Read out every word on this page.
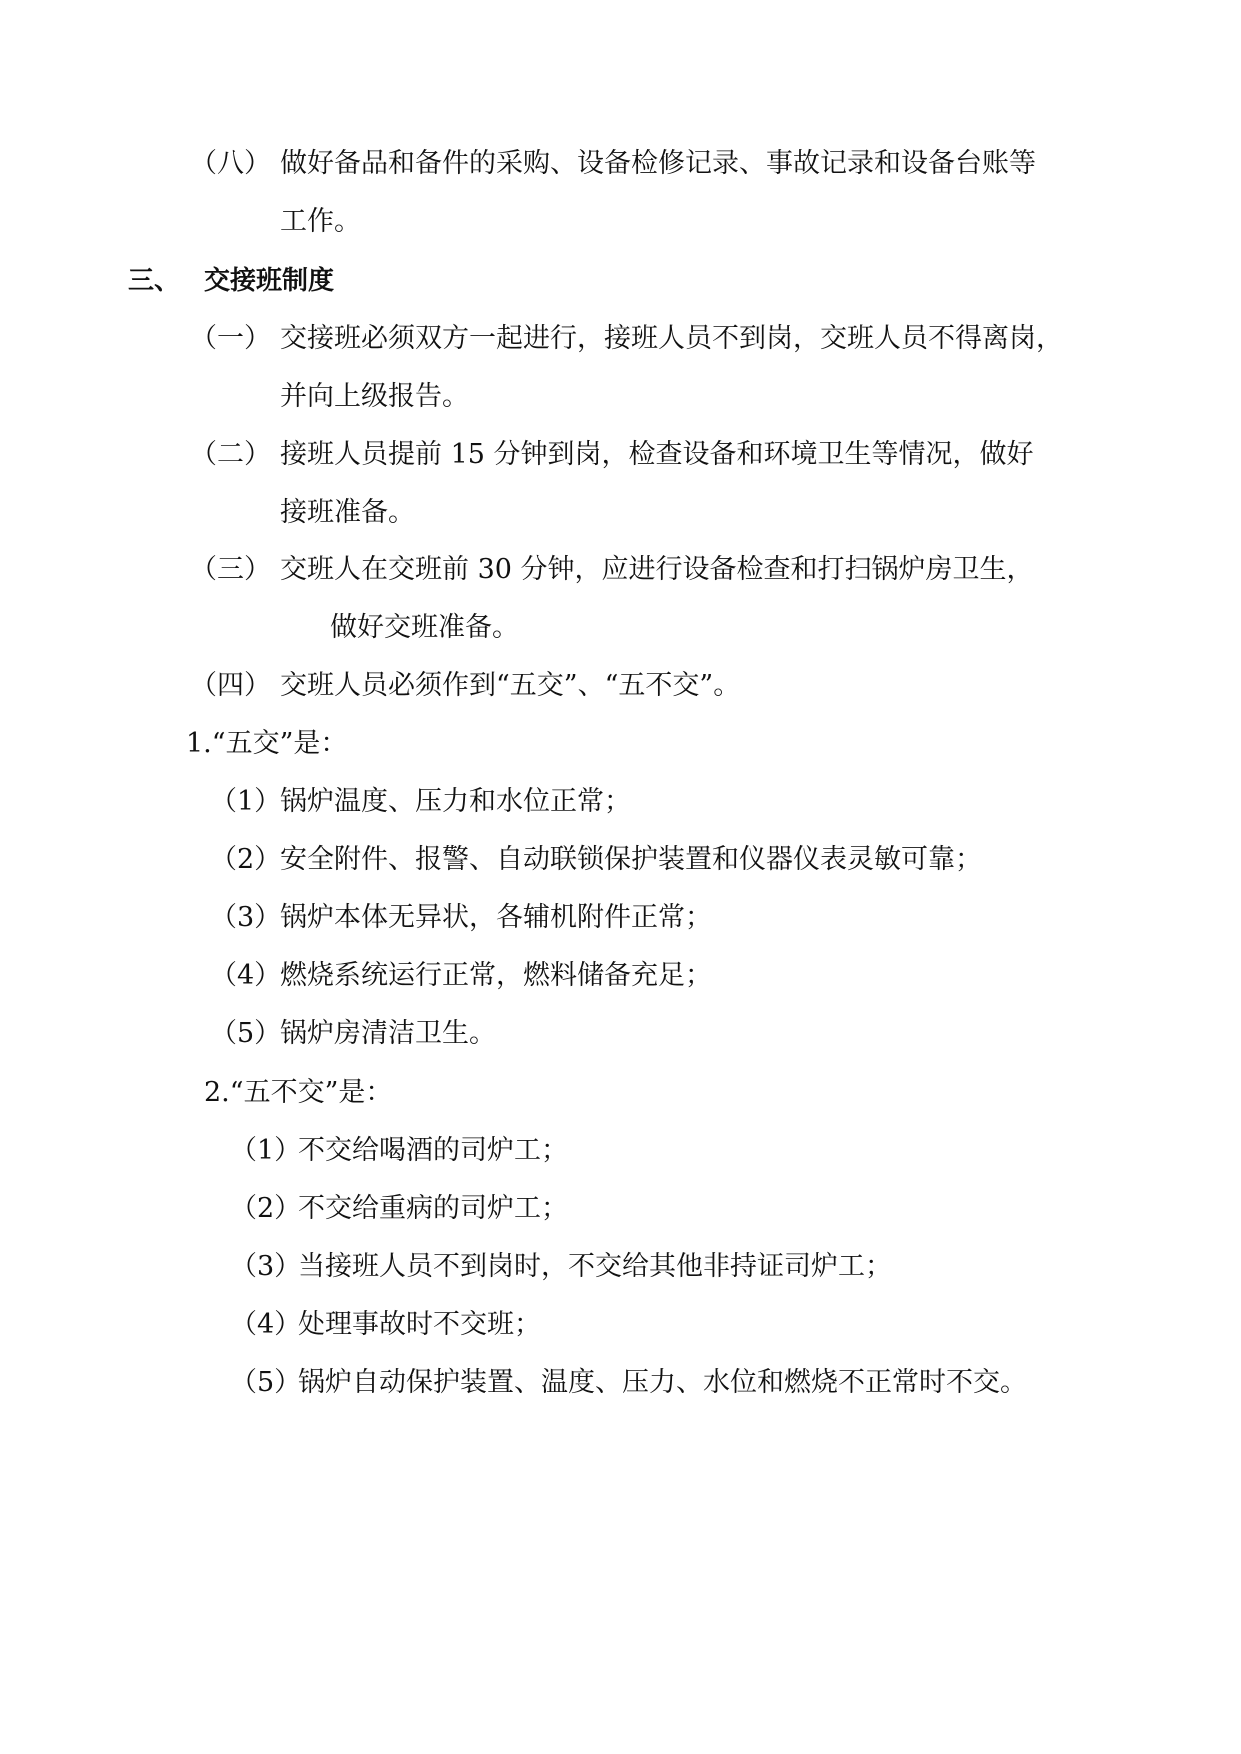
（八） 做好备品和备件的采购、设备检修记录、事故记录和设备台账等
工作。
三、 交接班制度
（一） 交接班必须双方一起进行，接班人员不到岗，交班人员不得离岗，
并向上级报告。
（二） 接班人员提前 15 分钟到岗，检查设备和环境卫生等情况，做好
接班准备。
（三） 交班人在交班前 30 分钟，应进行设备检查和打扫锅炉房卫生，
做好交班准备。
（四） 交班人员必须作到“五交”、“五不交”。
1.“五交”是：
（1）
锅炉温度、压力和水位正常；
（2）
安全附件、报警、自动联锁保护装置和仪器仪表灵敏可靠；
（3）
锅炉本体无异状，各辅机附件正常；
（4）
燃烧系统运行正常，燃料储备充足；
（5）
锅炉房清洁卫生。
2.“五不交”是：
（1）
不交给喝酒的司炉工；
（2）
不交给重病的司炉工；
（3）
当接班人员不到岗时，不交给其他非持证司炉工；
（4）
处理事故时不交班；
（5）
锅炉自动保护装置、温度、压力、水位和燃烧不正常时不交。
